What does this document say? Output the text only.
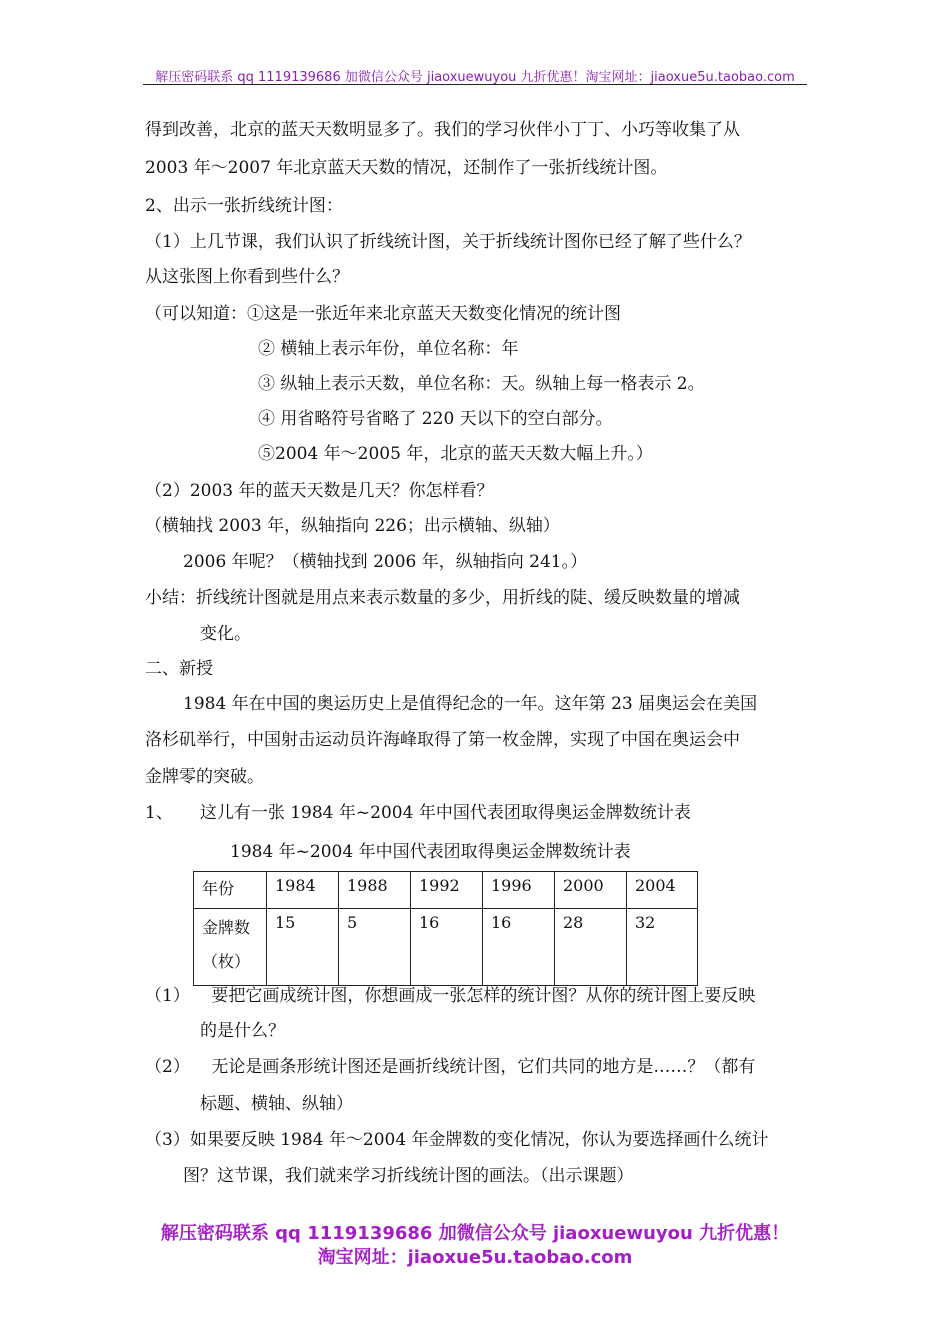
解压密码联系 qq 1119139686 加微信公众号 jiaoxuewuyou 九折优惠！淘宝网址：jiaoxue5u.taobao.com
得到改善，北京的蓝天天数明显多了。我们的学习伙伴小丁丁、小巧等收集了从
2003 年～2007 年北京蓝天天数的情况，还制作了一张折线统计图。
2、出示一张折线统计图：
（1）上几节课，我们认识了折线统计图，关于折线统计图你已经了解了些什么？
从这张图上你看到些什么？
（可以知道：①这是一张近年来北京蓝天天数变化情况的统计图
② 横轴上表示年份，单位名称：年
③ 纵轴上表示天数，单位名称：天。纵轴上每一格表示 2。
④ 用省略符号省略了 220 天以下的空白部分。
⑤2004 年～2005 年，北京的蓝天天数大幅上升。）
（2）2003 年的蓝天天数是几天？你怎样看？
（横轴找 2003 年，纵轴指向 226；出示横轴、纵轴）
2006 年呢？（横轴找到 2006 年，纵轴指向 241。）
小结：折线统计图就是用点来表示数量的多少，用折线的陡、缓反映数量的增减
变化。
二、新授
1984 年在中国的奥运历史上是值得纪念的一年。这年第 23 届奥运会在美国
洛杉矶举行，中国射击运动员许海峰取得了第一枚金牌，实现了中国在奥运会中
金牌零的突破。
1、     这儿有一张 1984 年~2004 年中国代表团取得奥运金牌数统计表
1984 年~2004 年中国代表团取得奥运金牌数统计表
年份	1984	1988	1992	1996	2000	2004

金牌数
（枚）	15	5	16	16	28	32
（1）    要把它画成统计图，你想画成一张怎样的统计图？从你的统计图上要反映
的是什么？
（2）    无论是画条形统计图还是画折线统计图，它们共同的地方是……？（都有
标题、横轴、纵轴）
（3）如果要反映 1984 年～2004 年金牌数的变化情况，你认为要选择画什么统计
图？这节课，我们就来学习折线统计图的画法。（出示课题）
解压密码联系 qq 1119139686 加微信公众号 jiaoxuewuyou 九折优惠！
淘宝网址：jiaoxue5u.taobao.com
